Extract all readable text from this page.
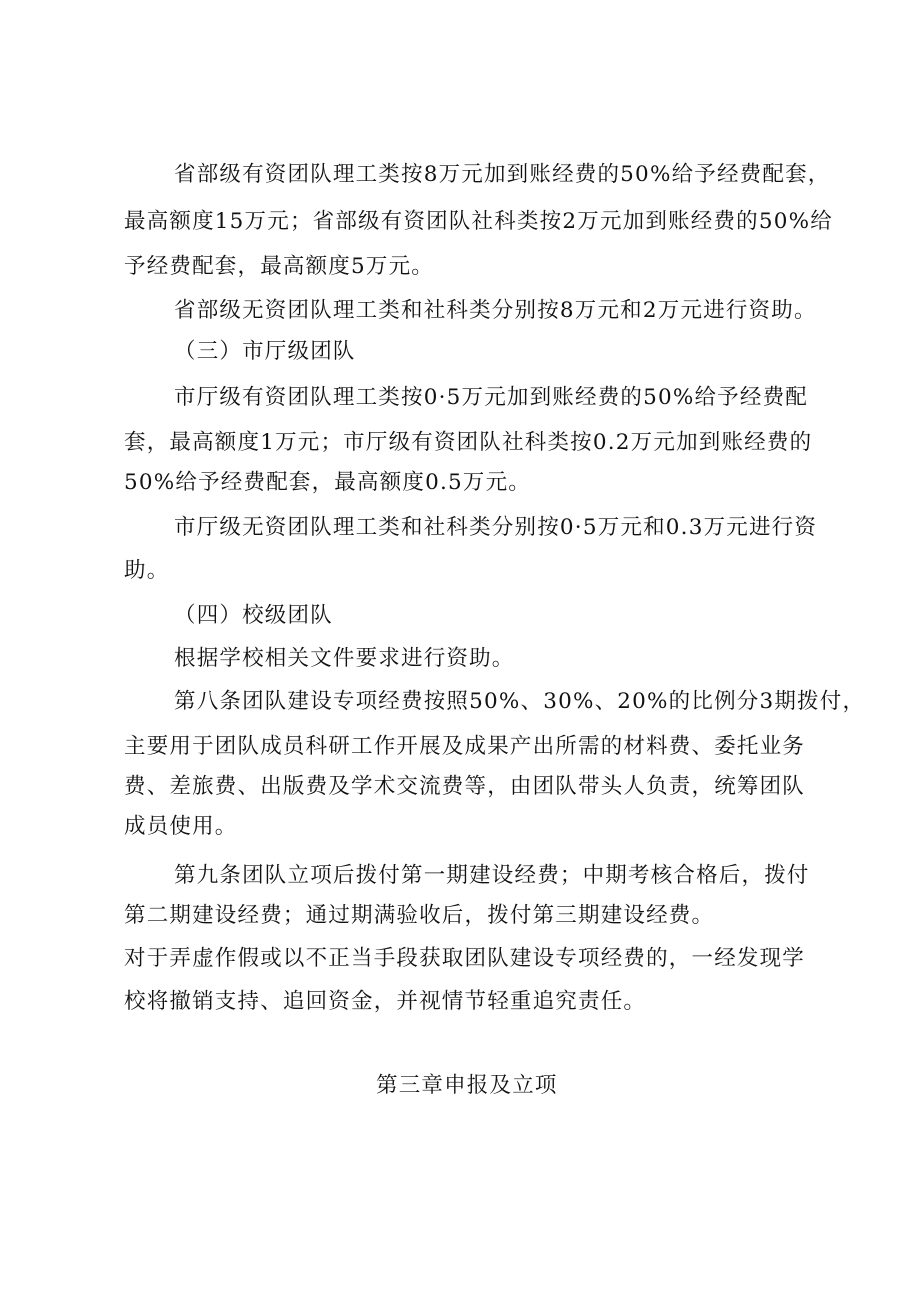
省部级有资团队理工类按8万元加到账经费的50%给予经费配套，
最高额度15万元；省部级有资团队社科类按2万元加到账经费的50%给
予经费配套，最高额度5万元。
省部级无资团队理工类和社科类分别按8万元和2万元进行资助。
（三）市厅级团队
市厅级有资团队理工类按0·5万元加到账经费的50%给予经费配
套，最高额度1万元；市厅级有资团队社科类按0.2万元加到账经费的
50%给予经费配套，最高额度0.5万元。
市厅级无资团队理工类和社科类分别按0·5万元和0.3万元进行资
助。
（四）校级团队
根据学校相关文件要求进行资助。
第八条团队建设专项经费按照50%、30%、20%的比例分3期拨付，
主要用于团队成员科研工作开展及成果产出所需的材料费、委托业务
费、差旅费、出版费及学术交流费等，由团队带头人负责，统筹团队
成员使用。
第九条团队立项后拨付第一期建设经费；中期考核合格后，拨付
第二期建设经费；通过期满验收后，拨付第三期建设经费。
对于弄虚作假或以不正当手段获取团队建设专项经费的，一经发现学
校将撤销支持、追回资金，并视情节轻重追究责任。
第三章申报及立项
